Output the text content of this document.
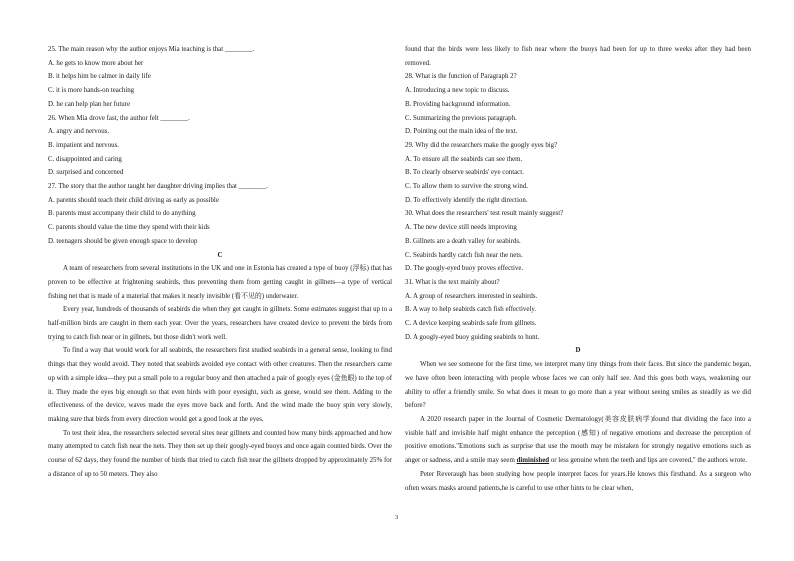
25. The main reason why the author enjoys Mia teaching is that ________.
A. he gets to know more about her
B. it helps him be calmer in daily life
C. it is more hands-on teaching
D. he can help plan her future
26. When Mia drove fast, the author felt ________.
A. angry and nervous.
B. impatient and nervous.
C. disappointed and caring
D. surprised and concerned
27. The story that the author taught her daughter driving implies that ________.
A. parents should teach their child driving as early as possible
B. parents must accompany their child to do anything
C. parents should value the time they spend with their kids
D. teenagers should be given enough space to develop
C
A team of researchers from several institutions in the UK and one in Estonia has created a type of buoy (浮标) that has proven to be effective at frightening seabirds, thus preventing them from getting caught in gillnets—a type of vertical fishing net that is made of a material that makes it nearly invisible (看不见的) underwater.
Every year, hundreds of thousands of seabirds die when they get caught in gillnets. Some estimates suggest that up to a half-million birds are caught in them each year. Over the years, researchers have created device to prevent the birds from trying to catch fish near or in gillnets, but those didn't work well.
To find a way that would work for all seabirds, the researchers first studied seabirds in a general sense, looking to find things that they would avoid. They noted that seabirds avoided eye contact with other creatures. Then the researchers came up with a simple idea—they put a small pole to a regular buoy and then attached a pair of googly eyes (金鱼眼) to the top of it. They made the eyes big enough so that even birds with poor eyesight, such as geese, would see them. Adding to the effectiveness of the device, waves made the eyes move back and forth. And the wind made the buoy spin very slowly, making sure that birds from every direction would get a good look at the eyes.
To test their idea, the researchers selected several sites near gillnets and counted how many birds approached and how many attempted to catch fish near the nets. They then set up their googly-eyed buoys and once again counted birds. Over the course of 62 days, they found the number of birds that tried to catch fish near the gillnets dropped by approximately 25% for a distance of up to 50 meters. They also
found that the birds were less likely to fish near where the buoys had been for up to three weeks after they had been removed.
28. What is the function of Paragraph 2?
A. Introducing a new topic to discuss.
B. Providing background information.
C. Summarizing the previous paragraph.
D. Pointing out the main idea of the text.
29. Why did the researchers make the googly eyes big?
A. To ensure all the seabirds can see them.
B. To clearly observe seabirds' eye contact.
C. To allow them to survive the strong wind.
D. To effectively identify the right direction.
30. What does the researchers' test result mainly suggest?
A. The new device still needs improving
B. Gillnets are a death valley for seabirds.
C. Seabirds hardly catch fish near the nets.
D. The googly-eyed buoy proves effective.
31. What is the text mainly about?
A. A group of researchers interested in seabirds.
B. A way to help seabirds catch fish effectively.
C. A device keeping seabirds safe from gillnets.
D. A googly-eyed buoy guiding seabirds to hunt.
D
When we see someone for the first time, we interpret many tiny things from their faces. But since the pandemic began, we have often been interacting with people whose faces we can only half see. And this goes both ways, weakening our ability to offer a friendly smile. So what does it mean to go more than a year without seeing smiles as steadily as we did before?
A 2020 research paper in the Journal of Cosmetic Dermatology(美容皮肤病学)found that dividing the face into a visible half and invisible half might enhance the perception (感知) of negative emotions and decrease the perception of positive emotions."Emotions such as surprise that use the mouth may be mistaken for strongly negative emotions such as anger or sadness, and a smile may seem diminished or less genuine when the teeth and lips are covered," the authors wrote.
Peter Reveraugh has been studying how people interpret faces for years.He knows this firsthand. As a surgeon who often wears masks around patients,he is careful to use other hints to be clear when,
3
